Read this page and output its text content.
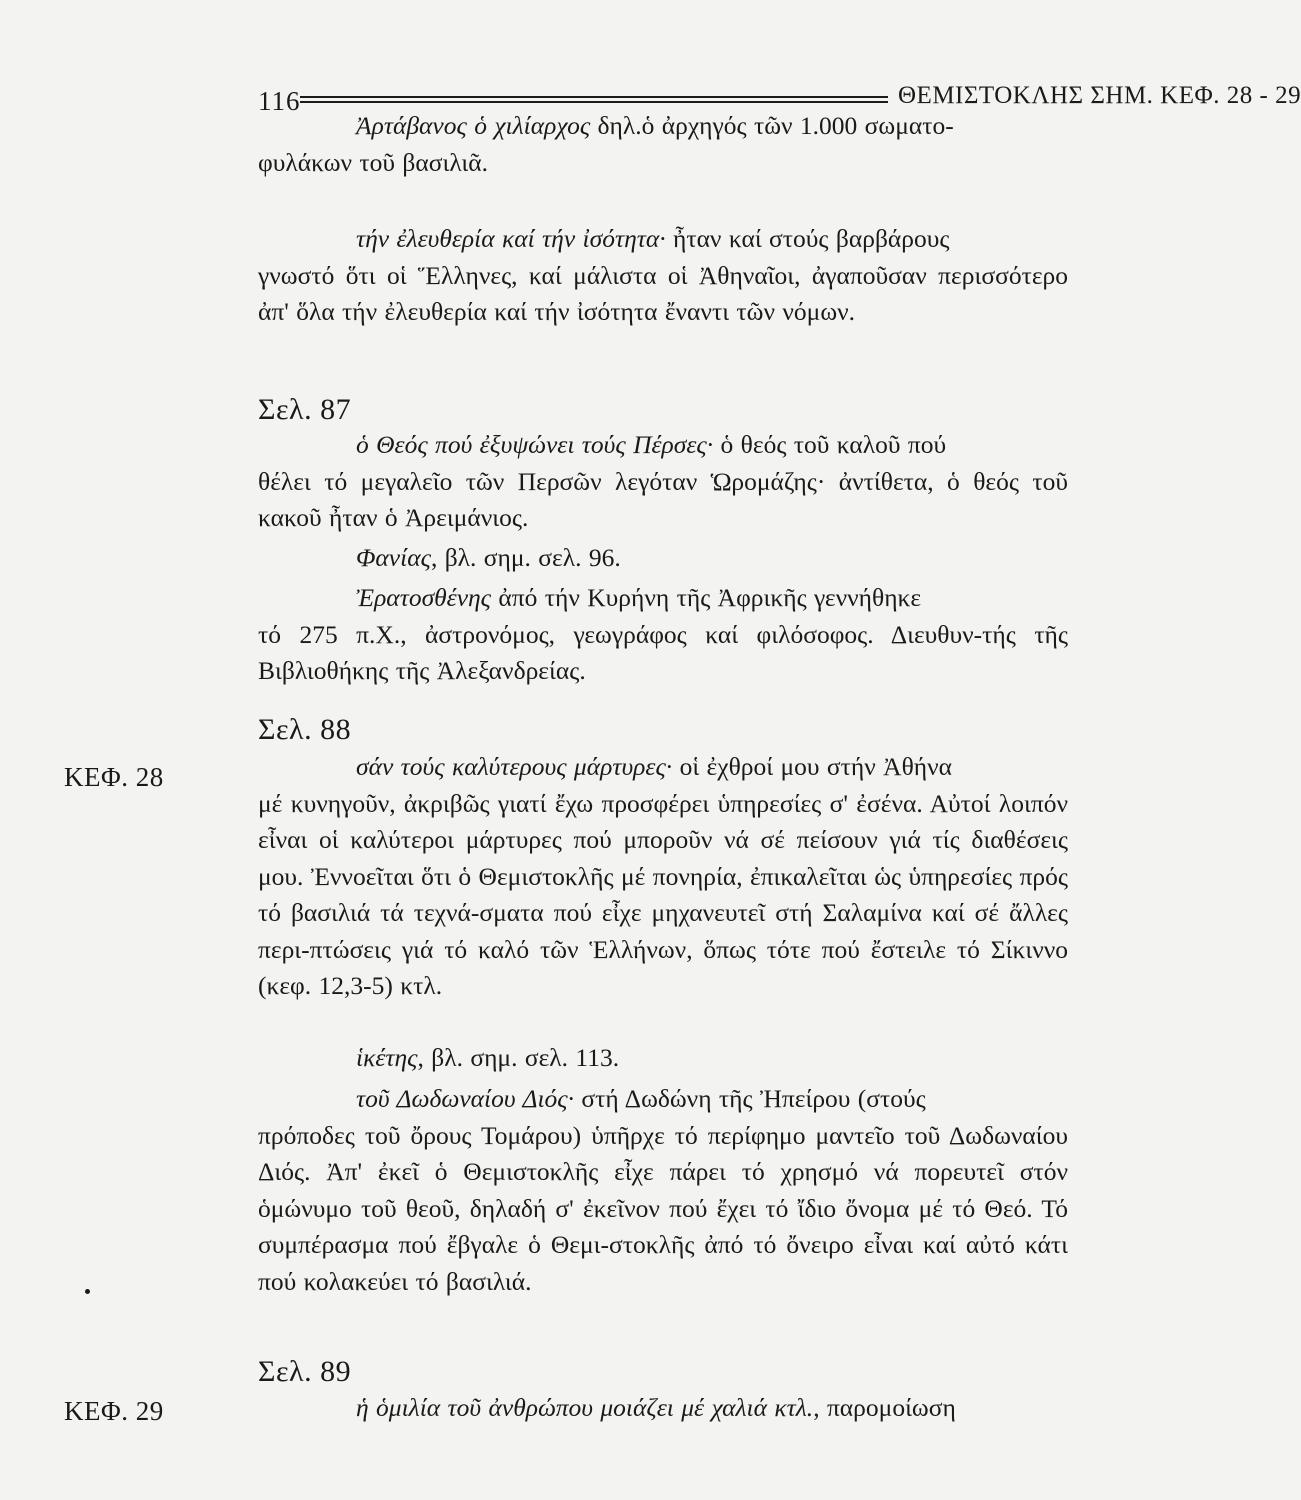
116	ΘΕΜΙΣΤΟΚΛΗΣ ΣΗΜ. ΚΕΦ. 28 - 29

Ἀρτάβανος ὁ χιλίαρχος δηλ.ὁ ἀρχηγός τῶν 1.000 σωματο-
φυλάκων τοῦ βασιλιᾶ.

τήν ἐλευθερία καί τήν ἰσότητα· ἦταν καί στούς βαρβάρους
γνωστό ὅτι οἱ Ἕλληνες, καί μάλιστα οἱ Ἀθηναῖοι, ἀγαποῦσαν περισσότερο ἀπ' ὅλα τήν ἐλευθερία καί τήν ἰσότητα ἔναντι τῶν νόμων.

Σελ. 87

ὁ Θεός πού ἐξυψώνει τούς Πέρσες· ὁ θεός τοῦ καλοῦ πού
θέλει τό μεγαλεῖο τῶν Περσῶν λεγόταν Ὡρομάζης· ἀντίθετα, ὁ θεός τοῦ κακοῦ ἦταν ὁ Ἀρειμάνιος.

Φανίας, βλ. σημ. σελ. 96.

Ἐρατοσθένης ἀπό τήν Κυρήνη τῆς Ἀφρικῆς γεννήθηκε
τό 275 π.Χ., ἀστρονόμος, γεωγράφος καί φιλόσοφος. Διευθυν-τής τῆς Βιβλιοθήκης τῆς Ἀλεξανδρείας.

Σελ. 88
ΚΕΦ. 28	σάν τούς καλύτερους μάρτυρες· οἱ ἐχθροί μου στήν Ἀθήνα
μέ κυνηγοῦν, ἀκριβῶς γιατί ἔχω προσφέρει ὑπηρεσίες σ' ἐσένα. Αὐτοί λοιπόν εἶναι οἱ καλύτεροι μάρτυρες πού μποροῦν νά σέ πείσουν γιά τίς διαθέσεις μου. Ἐννοεῖται ὅτι ὁ Θεμιστοκλῆς μέ πονηρία, ἐπικαλεῖται ὡς ὑπηρεσίες πρός τό βασιλιά τά τεχνά-σματα πού εἶχε μηχανευτεῖ στή Σαλαμίνα καί σέ ἄλλες περι-πτώσεις γιά τό καλό τῶν Ἑλλήνων, ὅπως τότε πού ἔστειλε τό Σίκιννο (κεφ. 12,3-5) κτλ.

ἱκέτης, βλ. σημ. σελ. 113.

τοῦ Δωδωναίου Διός· στή Δωδώνη τῆς Ἠπείρου (στούς
πρόποδες τοῦ ὄρους Τομάρου) ὑπῆρχε τό περίφημο μαντεῖο τοῦ Δωδωναίου Διός. Ἀπ' ἐκεῖ ὁ Θεμιστοκλῆς εἶχε πάρει τό χρησμό νά πορευτεῖ στόν ὁμώνυμο τοῦ θεοῦ, δηλαδή σ' ἐκεῖνον πού ἔχει τό ἴδιο ὄνομα μέ τό Θεό. Τό συμπέρασμα πού ἔβγαλε ὁ Θεμι-στοκλῆς ἀπό τό ὄνειρο εἶναι καί αὐτό κάτι πού κολακεύει τό βασιλιά.

Σελ. 89
ΚΕΦ. 29	ἡ ὁμιλία τοῦ ἀνθρώπου μοιάζει μέ χαλιά κτλ., παρομοίωση
